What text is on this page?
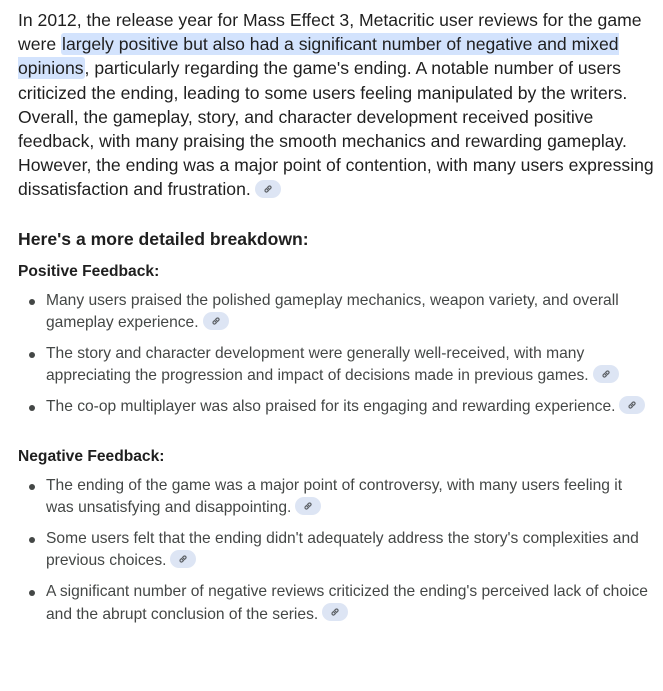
In 2012, the release year for Mass Effect 3, Metacritic user reviews for the game were largely positive but also had a significant number of negative and mixed opinions, particularly regarding the game's ending. A notable number of users criticized the ending, leading to some users feeling manipulated by the writers. Overall, the gameplay, story, and character development received positive feedback, with many praising the smooth mechanics and rewarding gameplay. However, the ending was a major point of contention, with many users expressing dissatisfaction and frustration.

Here's a more detailed breakdown:
Positive Feedback:
Many users praised the polished gameplay mechanics, weapon variety, and overall gameplay experience.
The story and character development were generally well-received, with many appreciating the progression and impact of decisions made in previous games.
The co-op multiplayer was also praised for its engaging and rewarding experience.
Negative Feedback:
The ending of the game was a major point of controversy, with many users feeling it was unsatisfying and disappointing.
Some users felt that the ending didn't adequately address the story's complexities and previous choices.
A significant number of negative reviews criticized the ending's perceived lack of choice and the abrupt conclusion of the series.
